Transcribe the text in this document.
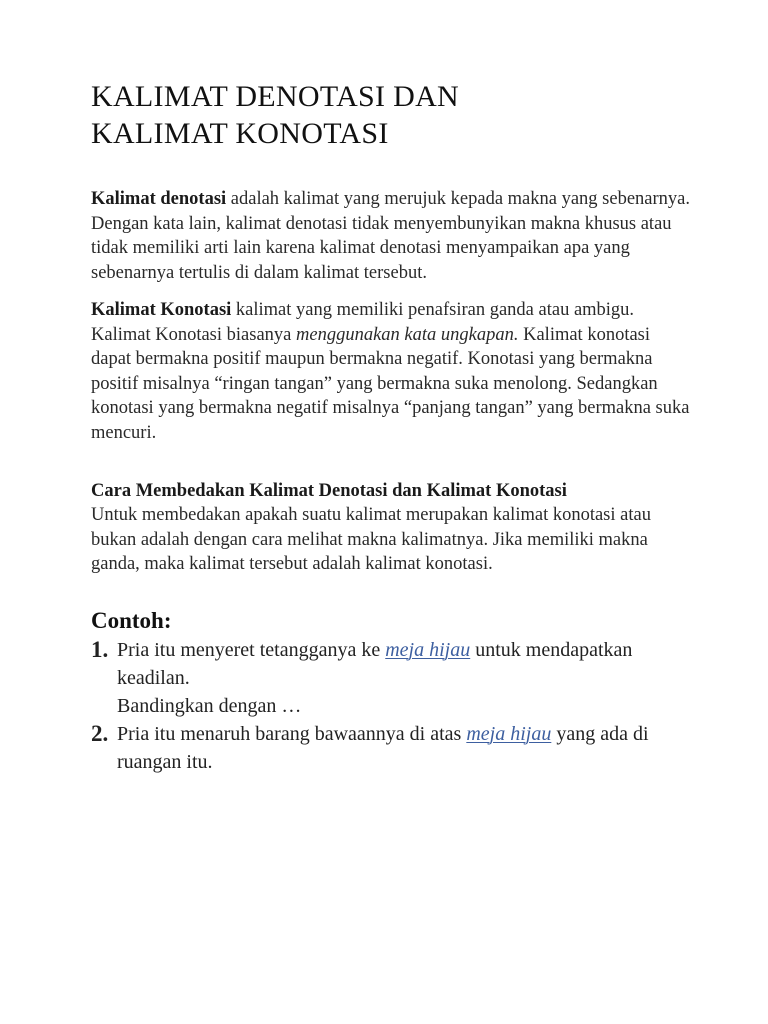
KALIMAT DENOTASI DAN
KALIMAT KONOTASI

Kalimat denotasi adalah kalimat yang merujuk kepada makna yang sebenarnya. Dengan kata lain, kalimat denotasi tidak menyembunyikan makna khusus atau tidak memiliki arti lain karena kalimat denotasi menyampaikan apa yang sebenarnya tertulis di dalam kalimat tersebut.

Kalimat Konotasi kalimat yang memiliki penafsiran ganda atau ambigu. Kalimat Konotasi biasanya menggunakan kata ungkapan. Kalimat konotasi dapat bermakna positif maupun bermakna negatif. Konotasi yang bermakna positif misalnya “ringan tangan” yang bermakna suka menolong. Sedangkan konotasi yang bermakna negatif misalnya “panjang tangan” yang bermakna suka mencuri.

Cara Membedakan Kalimat Denotasi dan Kalimat Konotasi

Untuk membedakan apakah suatu kalimat merupakan kalimat konotasi atau bukan adalah dengan cara melihat makna kalimatnya. Jika memiliki makna ganda, maka kalimat tersebut adalah kalimat konotasi.

Contoh:
1. Pria itu menyeret tetangganya ke meja hijau untuk mendapatkan keadilan.
Bandingkan dengan …
2. Pria itu menaruh barang bawaannya di atas meja hijau yang ada di ruangan itu.
